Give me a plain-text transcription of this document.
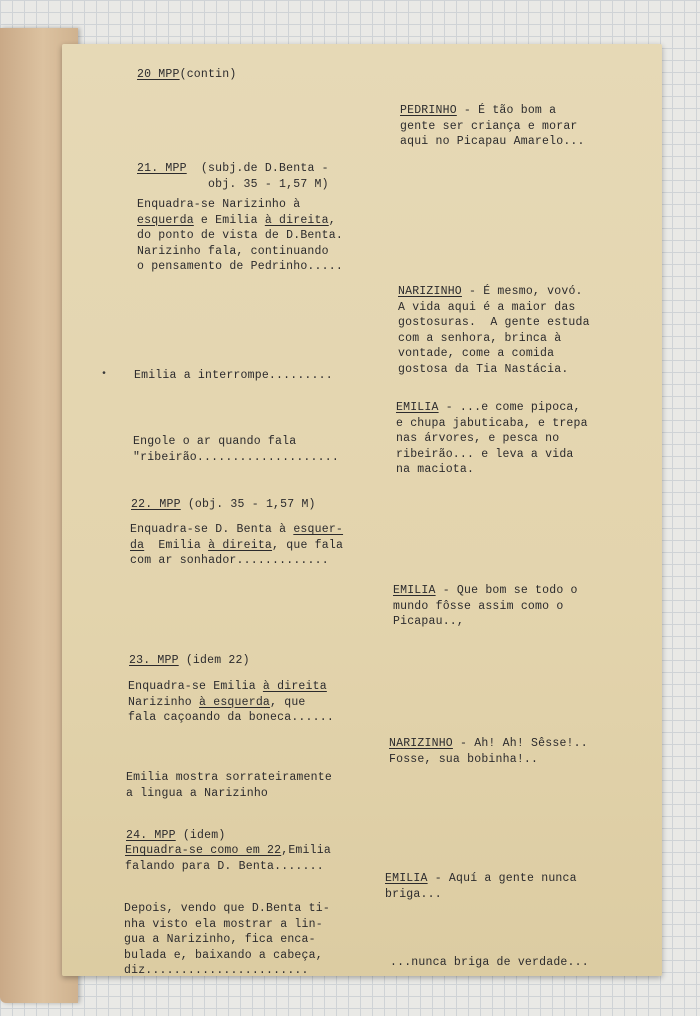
20 MPP(contin)
PEDRINHO - É tão bom a
gente ser criança e morar
aqui no Picapau Amarelo...
21. MPP (subj.de D.Benta -
obj. 35 - 1,57 M)
Enquadra-se Narizinho à
esquerda e Emilia à direita,
do ponto de vista de D.Benta.
Narizinho fala, continuando
o pensamento de Pedrinho.....
NARIZINHO - É mesmo, vovó.
A vida aqui é a maior das
gostosuras.  A gente estuda
com a senhora, brinca à
vontade, come a comida
gostosa da Tia Nastácia.
• Emilia a interrompe.........
EMILIA - ...e come pipoca,
e chupa jabuticaba, e trepa
nas árvores, e pesca no
ribeirão... e leva a vida
na maciota.
Engole o ar quando fala
"ribeirão....................
22. MPP (obj. 35 - 1,57 M)
Enquadra-se D. Benta à esquer-
da  Emilia à direita, que fala
com ar sonhador.............
EMILIA - Que bom se todo o
mundo fôsse assim como o
Picapau..,
23. MPP (idem 22)
Enquadra-se Emilia à direita
Narizinho à esquerda, que
fala caçoando da boneca......
NARIZINHO - Ah! Ah! Sêsse!..
Fosse, sua bobinha!..
Emilia mostra sorrateiramente
a lingua a Narizinho
24. MPP (idem)
Enquadra-se como em 22,Emilia
falando para D. Benta.......
EMILIA - Aquí a gente nunca
briga...
Depois, vendo que D.Benta ti-
nha visto ela mostrar a lin-
gua a Narizinho, fica enca-
bulada e, baixando a cabeça,
diz.......................
...nunca briga de verdade...
